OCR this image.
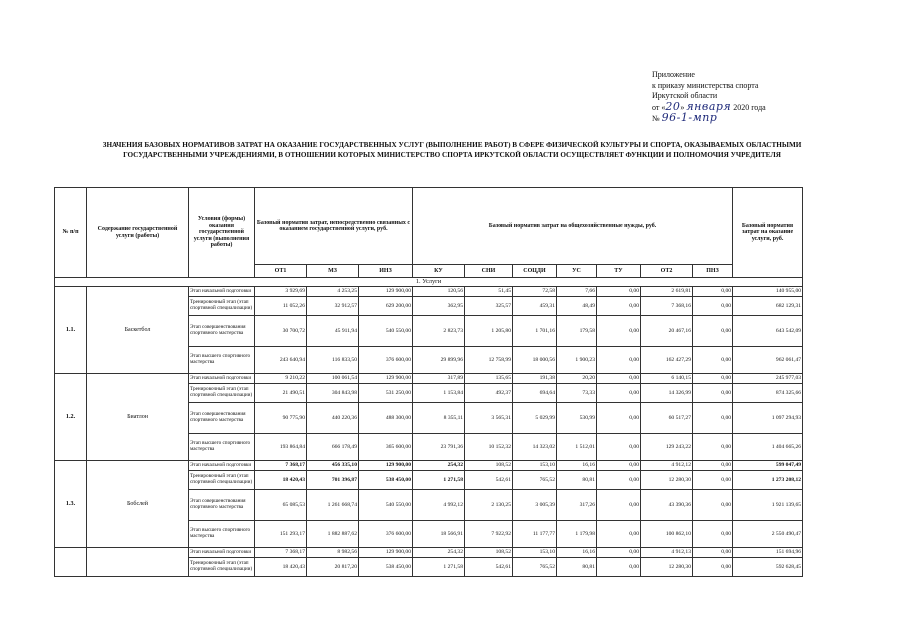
Приложение
к приказу министерства спорта
Иркутской области
от «20» января 2020 года
№ 96-1-мпр
ЗНАЧЕНИЯ БАЗОВЫХ НОРМАТИВОВ ЗАТРАТ НА ОКАЗАНИЕ ГОСУДАРСТВЕННЫХ УСЛУГ (ВЫПОЛНЕНИЕ РАБОТ) В СФЕРЕ ФИЗИЧЕСКОЙ КУЛЬТУРЫ И СПОРТА, ОКАЗЫВАЕМЫХ ОБЛАСТНЫМИ ГОСУДАРСТВЕННЫМИ УЧРЕЖДЕНИЯМИ, В ОТНОШЕНИИ КОТОРЫХ МИНИСТЕРСТВО СПОРТА ИРКУТСКОЙ ОБЛАСТИ ОСУЩЕСТВЛЯЕТ ФУНКЦИИ И ПОЛНОМОЧИЯ УЧРЕДИТЕЛЯ
№ п/п	Содержание государственной услуги (работы)	Условия (формы) оказания государственной услуги (выполнения работы)	Базовый норматив затрат, непосредственно связанных с оказанием государственной услуги, руб.			Базовый норматив затрат на общехозяйственные нужды, руб.							Базовый норматив затрат на оказание услуги, руб.
			ОТ1	МЗ	ИНЗ	КУ	СНИ	СОЦДИ	УС	ТУ	ОТ2	ПНЗ	
1. Услуги													
1.1.	Баскетбол	Этап начальной подготовки	3 929,69	4 253,25	129 900,00	120,56	51,45	72,58	7,66	0,00	2 619,81	0,00	140 955,00
		Тренировочный этап (этап спортивной специализации)	11 052,26	32 912,57	629 200,00	362,95	325,57	459,31	48,49	0,00	7 368,16	0,00	682 129,31
		Этап совершенствования спортивного мастерства	30 700,72	45 911,94	540 550,00	2 823,73	1 205,80	1 701,16	179,58	0,00	20 467,16	0,00	643 542,09
		Этап высшего спортивного мастерства	243 640,94	116 833,50	376 600,00	29 899,96	12 758,99	18 000,56	1 900,23	0,00	162 427,29	0,00	962 061,47
1.2.	Биатлон	Этап начальной подготовки	9 210,22	100 061,54	129 900,00	317,89	135,65	191,38	20,20	0,00	6 140,15	0,00	245 977,03
		Тренировочный этап (этап спортивной специализации)	21 490,51	304 843,98	531 250,00	1 153,84	492,37	694,64	73,33	0,00	14 326,99	0,00	874 325,66
		Этап совершенствования спортивного мастерства	90 775,90	440 220,36	488 300,00	8 355,11	3 565,31	5 029,99	530,99	0,00	60 517,27	0,00	1 097 294,93
		Этап высшего спортивного мастерства	193 864,84	666 178,49	365 600,00	23 791,36	10 152,32	14 323,02	1 512,01	0,00	129 243,22	0,00	1 404 665,26
1.3.	Бобслей	Этап начальной подготовки	7 368,17	456 335,10	129 900,00	254,32	108,52	153,10	16,16	0,00	4 912,12	0,00	599 047,49
		Тренировочный этап (этап спортивной специализации)	18 420,43	701 396,87	538 450,00	1 271,58	542,61	765,52	80,81	0,00	12 280,30	0,00	1 273 208,12
		Этап совершенствования спортивного мастерства	65 085,53	1 261 668,74	540 550,00	4 992,12	2 130,25	3 005,39	317,26	0,00	43 390,36	0,00	1 921 139,65
		Этап высшего спортивного мастерства	151 293,17	1 882 887,62	376 600,00	18 566,91	7 922,92	11 177,77	1 179,98	0,00	100 862,10	0,00	2 550 490,47
		Этап начальной подготовки	7 368,17	8 982,56	129 900,00	254,32	108,52	153,10	16,16	0,00	4 912,13	0,00	151 694,96
		Тренировочный этап (этап спортивной специализации)	18 420,43	20 817,20	538 450,00	1 271,58	542,61	765,52	80,81	0,00	12 280,30	0,00	592 628,45
